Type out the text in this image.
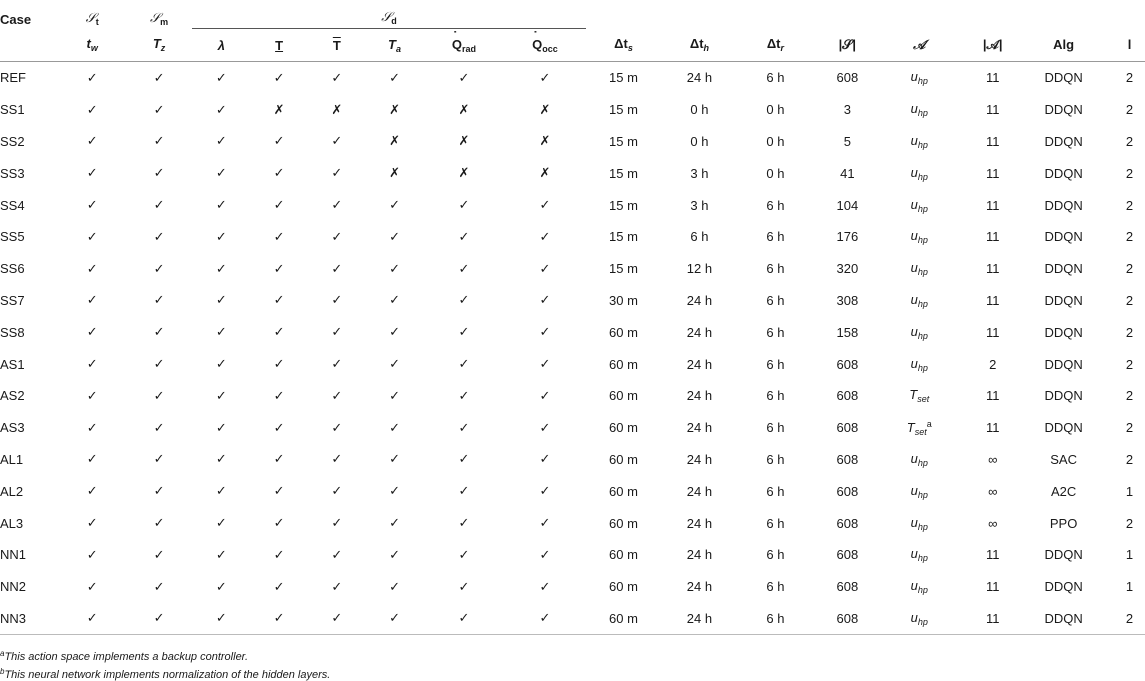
Case	𝒮$_t$	𝒮$_m$	𝒮$_d$								
	$t_w$	$T_z$	λ	T	$\overline{T}$	$T_a$	˙ $Q_{rad}$	˙ $Q_{occ}$	$\Delta t_s$	$\Delta t_h$	$\Delta t_r$	|𝒮|	𝒜	|𝒜|	Alg	l
REF	✓	✓	✓	✓	✓	✓	✓	✓	15 m	24 h	6 h	608	$u_{hp}$	11	DDQN	2
SS1	✓	✓	✓	✗	✗	✗	✗	✗	15 m	0 h	0 h	3	$u_{hp}$	11	DDQN	2
SS2	✓	✓	✓	✓	✓	✗	✗	✗	15 m	0 h	0 h	5	$u_{hp}$	11	DDQN	2
SS3	✓	✓	✓	✓	✓	✗	✗	✗	15 m	3 h	0 h	41	$u_{hp}$	11	DDQN	2
SS4	✓	✓	✓	✓	✓	✓	✓	✓	15 m	3 h	6 h	104	$u_{hp}$	11	DDQN	2
SS5	✓	✓	✓	✓	✓	✓	✓	✓	15 m	6 h	6 h	176	$u_{hp}$	11	DDQN	2
SS6	✓	✓	✓	✓	✓	✓	✓	✓	15 m	12 h	6 h	320	$u_{hp}$	11	DDQN	2
SS7	✓	✓	✓	✓	✓	✓	✓	✓	30 m	24 h	6 h	308	$u_{hp}$	11	DDQN	2
SS8	✓	✓	✓	✓	✓	✓	✓	✓	60 m	24 h	6 h	158	$u_{hp}$	11	DDQN	2
AS1	✓	✓	✓	✓	✓	✓	✓	✓	60 m	24 h	6 h	608	$u_{hp}$	2	DDQN	2
AS2	✓	✓	✓	✓	✓	✓	✓	✓	60 m	24 h	6 h	608	$T_{set}$	11	DDQN	2
AS3	✓	✓	✓	✓	✓	✓	✓	✓	60 m	24 h	6 h	608	$T_{set}^a$	11	DDQN	2
AL1	✓	✓	✓	✓	✓	✓	✓	✓	60 m	24 h	6 h	608	$u_{hp}$	∞	SAC	2
AL2	✓	✓	✓	✓	✓	✓	✓	✓	60 m	24 h	6 h	608	$u_{hp}$	∞	A2C	1
AL3	✓	✓	✓	✓	✓	✓	✓	✓	60 m	24 h	6 h	608	$u_{hp}$	∞	PPO	2
NN1	✓	✓	✓	✓	✓	✓	✓	✓	60 m	24 h	6 h	608	$u_{hp}$	11	DDQN	1
NN2	✓	✓	✓	✓	✓	✓	✓	✓	60 m	24 h	6 h	608	$u_{hp}$	11	DDQN	1
NN3	✓	✓	✓	✓	✓	✓	✓	✓	60 m	24 h	6 h	608	$u_{hp}$	11	DDQN	2
$^a$This action space implements a backup controller.
$^b$This neural network implements normalization of the hidden layers.
